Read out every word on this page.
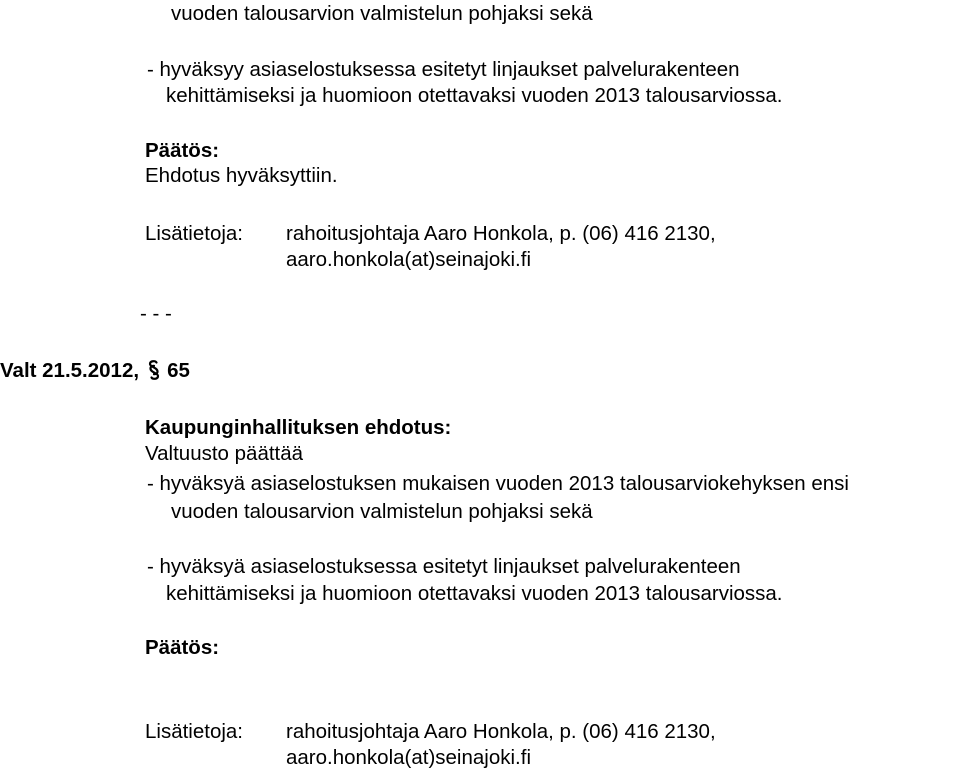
vuoden talousarvion valmistelun pohjaksi sekä
- hyväksyy asiaselostuksessa esitetyt linjaukset palvelurakenteen
kehittämiseksi ja huomioon otettavaksi vuoden 2013 talousarviossa.
Päätös:
Ehdotus hyväksyttiin.
Lisätietoja: rahoitusjohtaja Aaro Honkola, p. (06) 416 2130,
aaro.honkola(at)seinajoki.fi
- - -
Valt 21.5.2012, 65
Kaupunginhallituksen ehdotus:
Valtuusto päättää
- hyväksyä asiaselostuksen mukaisen vuoden 2013 talousarviokehyksen ensi
vuoden talousarvion valmistelun pohjaksi sekä
- hyväksyä asiaselostuksessa esitetyt linjaukset palvelurakenteen
kehittämiseksi ja huomioon otettavaksi vuoden 2013 talousarviossa.
Päätös:
Lisätietoja: rahoitusjohtaja Aaro Honkola, p. (06) 416 2130,
aaro.honkola(at)seinajoki.fi
